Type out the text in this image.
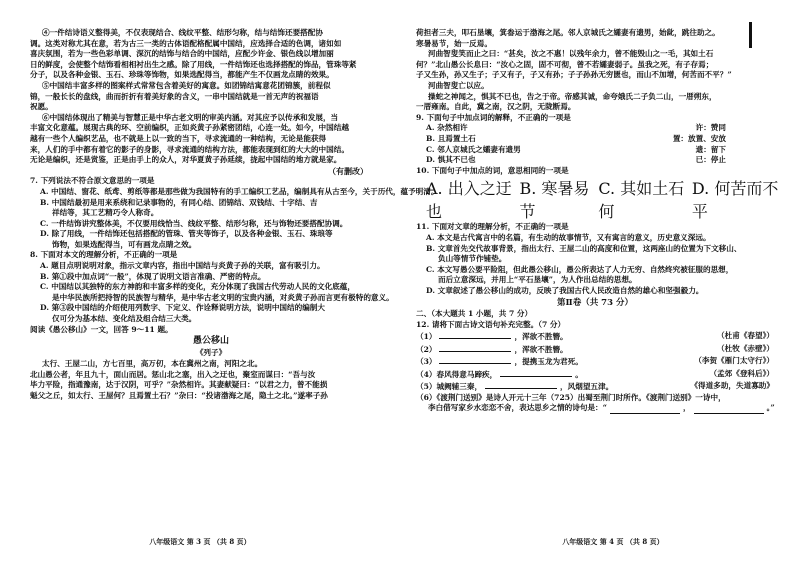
④一件结诗语义整得美，不仅表现结合、线纹平整、结形匀称，结与结饰还要搭配协

调。这类对称尤其在意，若为古三一类的古体语配格配属中国结，应选择合适的色调，诸如如

喜庆氛围，若为一些色彩单调、深沉的结饰与结合的中国结，应配少许金、银色线以增加丽

日的鲜度，会使整个结饰看相相衬出生之感。除了用线，一件结饰还也选择搭配的饰品，管珠等紧

分子，以及各种金银、玉石、珍珠等饰物，如果选配得当，都能产生不仅画龙点睛的效果。

⑤中国结丰富多样的图案样式常常包含着美好的寓意。如团锦结寓意花团锦簇，前程似

锦，一般长长的盘线，曲而折折有着美好象的含义，一串中国结就是一首无声的祝福语

祝愿。

⑥中国结体现出了精美与智慧正是中华古老文明的审美内涵。对其应予以传承和发展，当

丰富文化意蕴。展现古典的环、空前编织，正如炎黄子孙紧密团结，心连一处。如今，中国结越

越有一些个人编织艺品，也不就是上以一致的当下，寻求流通的一种结构，无论是能获得

来，人们的手中都有着它的影子的身影，寻求流通的结构方法，都能表现到红的大大的中国结。

无论是编织，还是赏鉴，正是由手上的众人，对华夏黄子孙延续，拢起中国结的地方就是家。

（有删改）

7. 下列说法不符合原文意思的一项是

A. 中国结、窗花、纸鸢、剪纸等都是那些做为我国特有的手工编织工艺品，编制具有从古至今，关于历代，蕴予明清。

B. 中国结最初是用来系绕和记录事物的，有同心结、团锦结、双钱结、十字结、吉

祥结等，其工艺精巧令人称奇。

C. 一件结饰讲究整体美，不仅要用线恰当、线纹平整、结形匀称，还与饰物还要搭配协调。

D. 除了用线，一件结饰还包括搭配的管珠、管夹等饰子，以及各种金银、玉石、珠琅等

饰物，如果选配得当，可有画龙点睛之效。

8. 下面对本文的理解分析，不正确的一项是

A. 题目点明说明对象，指示文章内容，指出中国结与炎黄子孙的关联，富有吸引力。

B. 第①段中加点词“一般”，体现了说明文语言准确、严密的特点。

C. 中国结以其独特的东方神韵和丰富多样的变化，充分体现了我国古代劳动人民的文化底蕴，

是中华民族所把持智的民族智与精华，是中华古老文明的宝贵内涵，对炎黄子孙而言更有极特的意义。

D. 第③段中国结的介绍使用列数字、下定义、作诠释说明方法，说明中国结的编制大

仅可分为基本结、变化结及组合结三大类。

阅读《愚公移山》一文，回答 9～11 题。

愚公移山

《列子》

太行、王屋二山，方七百里，高万仞，本在冀州之南，河阳之北。

北山愚公者，年且九十，面山而居。惩山北之塞，出入之迂也，聚室而谋曰：“吾与汝

毕力平险，指通豫南，达于汉阴，可乎？”杂然相许。其妻献疑曰：“以君之力，曾不能损

魁父之丘，如太行、王屋何？且焉置土石？”杂曰：“投诸渤海之尾，隐土之北。”遂率子孙

八年级语文 第 3 页 （共 8 页）

荷担者三夫，叩石垦壤，箕畚运于渤海之尾。邻人京城氏之孀妻有遗男，始龀，跳往助之。

寒暑易节，始一反焉。

河曲智叟笑而止之曰：“甚矣，汝之不惠！以残年余力，曾不能毁山之一毛，其如土石

何？”北山愚公长息曰：“汝心之固，固不可彻，曾不若孀妻弱子。虽我之死，有子存焉；

子又生孙，孙又生子；子又有子，子又有孙；子子孙孙无穷匮也，而山不加增，何苦而不平？”

河曲智叟亡以应。

操蛇之神闻之，惧其不已也，告之于帝。帝感其诚，命夸娥氏二子负二山，一厝朔东，

一厝雍南。自此，冀之南，汉之阴，无陇断焉。

9. 下面句子中加点词的解释，不正确的一项是

A. 杂然相许	许：赞同
B. 且焉置土石	置：放置、安放
C. 邻人京城氏之孀妻有遗男	遗：留下
D. 惧其不已也	已：停止

10. 下面句子中加点的词，意思相同的一项是

A. 出入之迂也
B. 寒暑易节
C. 其如土石何
D. 何苦而不平

11. 下面对文章的理解分析，不正确的一项是

A. 本文是古代寓言中的名篇，有生动的故事情节，又有寓言的意义，历史意义深远。

B. 文章首先交代故事背景，指出太行、王屋二山的高度和位置，这两座山的位置为下文移山、

负山等情节作铺垫。

C. 本文写愚公要平险阻，但此愚公移山，愚公所表达了人力无穷、自然终究被征服的思想，

而后立意深远，并用上“平石垦壤”，为人作出总结的思想。

D. 文章叙述了愚公移山的成功，反映了我国古代人民改造自然的雄心和坚强毅力。

第Ⅱ卷（共 73 分）

二、（本大题共 1 小题，共 7 分）

12. 请将下面古诗文语句补充完整。（7 分）

（1）	，浑欲不胜簪。	（杜甫《春望》）
（2）	，浑欲不胜簪。	（杜牧《赤壁》）
（3）	，提携玉龙为君死。	（李贺《雁门太守行》）
（4）春风得意马蹄疾，	。	（孟郊《登科后》）
（5）城阙辅三秦，	，风烟望五津。	《得道多助，失道寡助》

（6）《渡荆门送别》是诗人开元十三年（725）出蜀至荆门时所作。《渡荆门送别》一诗中，

李白借写家乡水恋恋不舍，表达思乡之情的诗句是：“	，	。”

八年级语文 第 4 页 （共 8 页）
